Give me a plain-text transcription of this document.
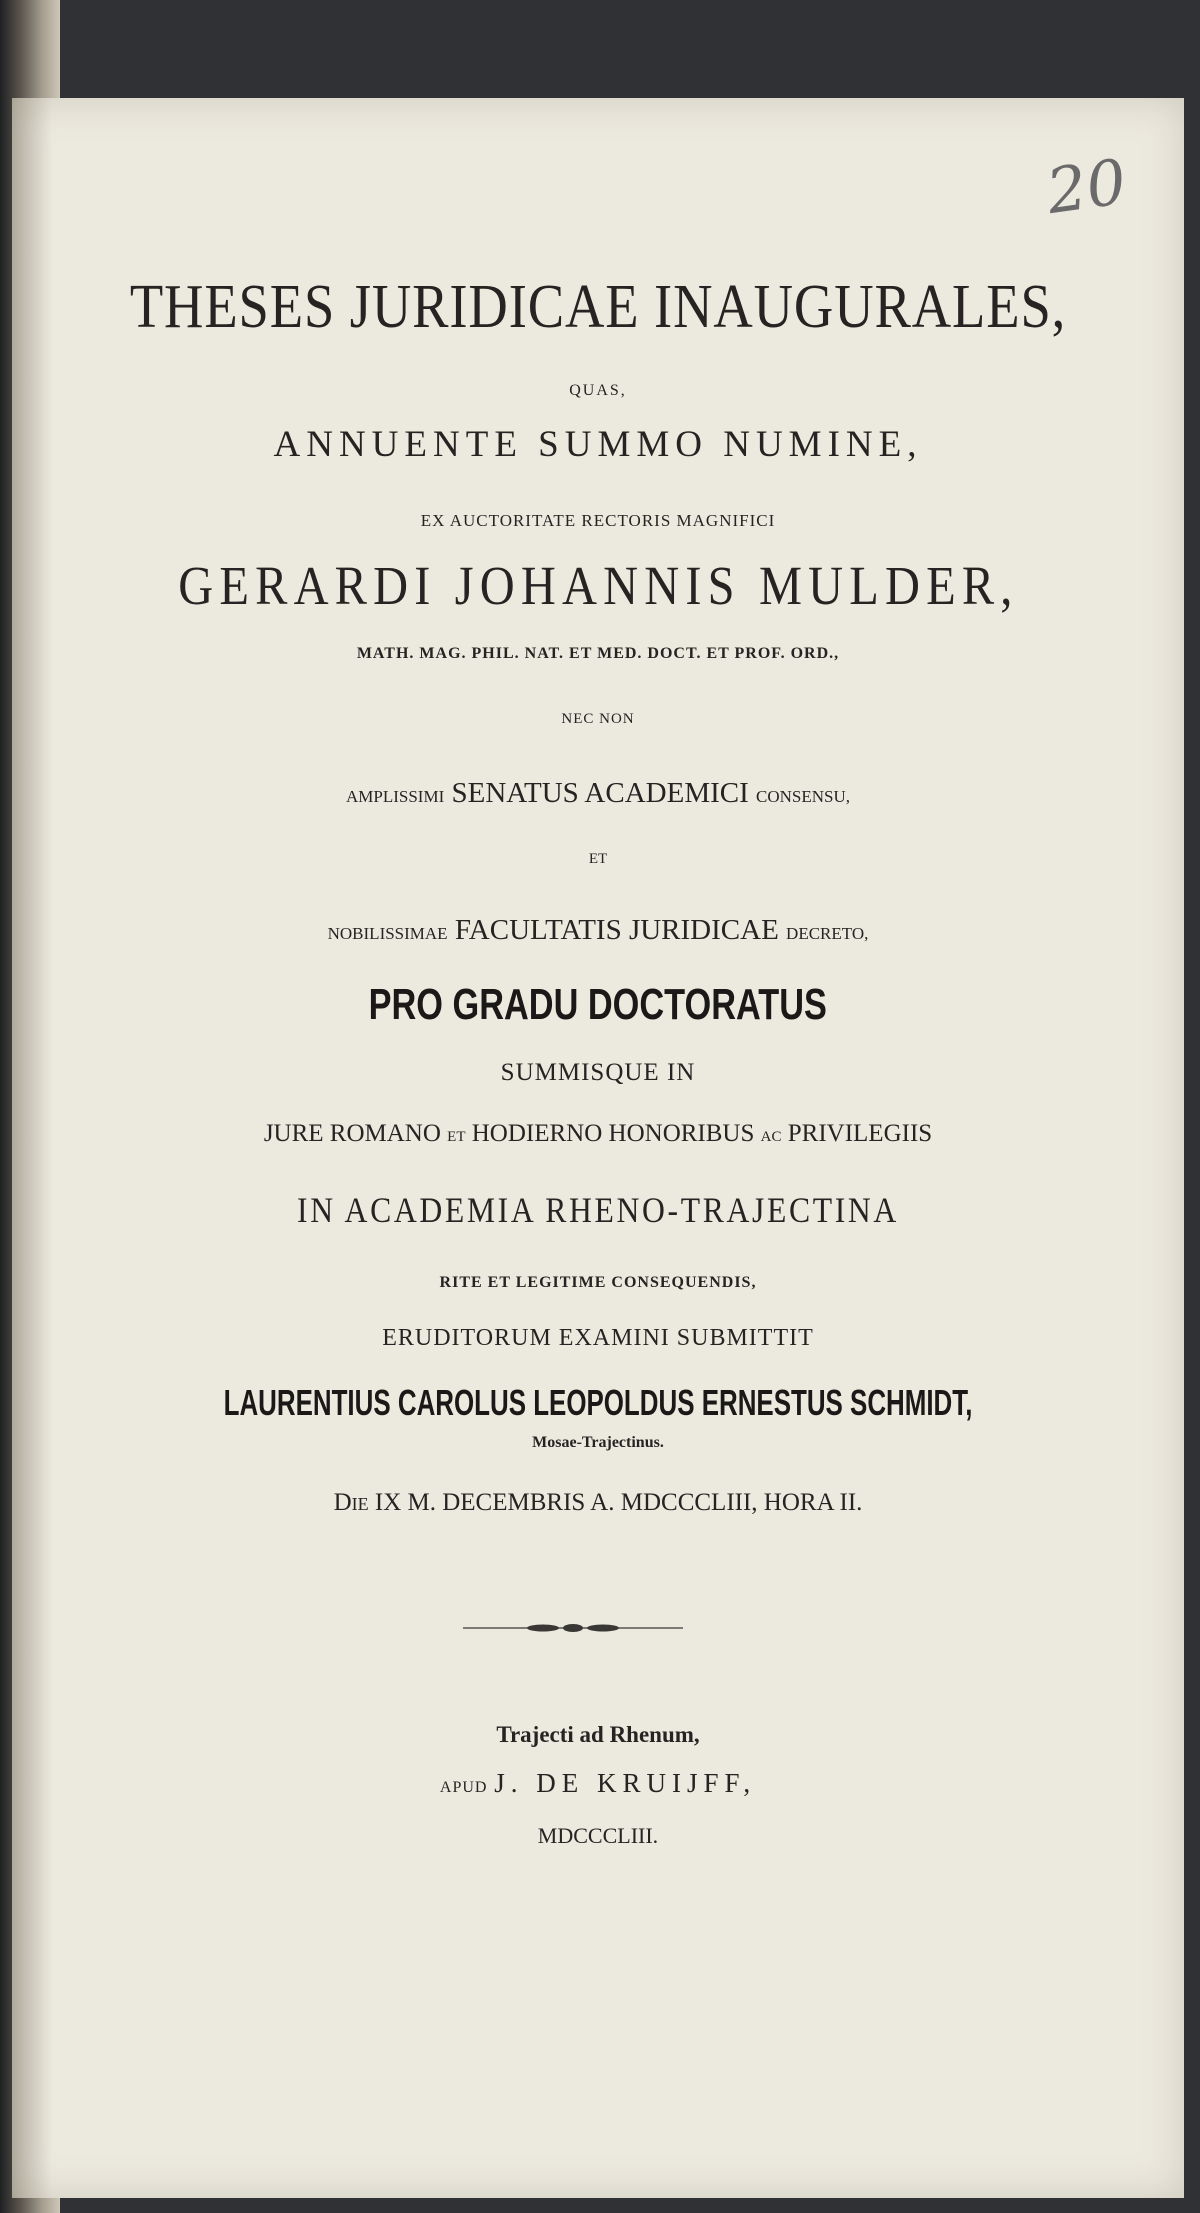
20
THESES JURIDICAE INAUGURALES,
QUAS,
ANNUENTE SUMMO NUMINE,
EX AUCTORITATE RECTORIS MAGNIFICI
GERARDI JOHANNIS MULDER,
MATH. MAG. PHIL. NAT. ET MED. DOCT. ET PROF. ORD.,
NEC NON
AMPLISSIMI SENATUS ACADEMICI CONSENSU,
ET
NOBILISSIMAE FACULTATIS JURIDICAE DECRETO,
PRO GRADU DOCTORATUS
SUMMISQUE IN
JURE ROMANO ET HODIERNO HONORIBUS AC PRIVILEGIIS
IN ACADEMIA RHENO-TRAJECTINA
RITE ET LEGITIME CONSEQUENDIS,
ERUDITORUM EXAMINI SUBMITTIT
LAURENTIUS CAROLUS LEOPOLDUS ERNESTUS SCHMIDT,
Mosae-Trajectinus.
Die IX M. DECEMBRIS A. MDCCCLIII, HORA II.
Trajecti ad Rhenum,
APUD J. DE KRUIJFF,
MDCCCLIII.
